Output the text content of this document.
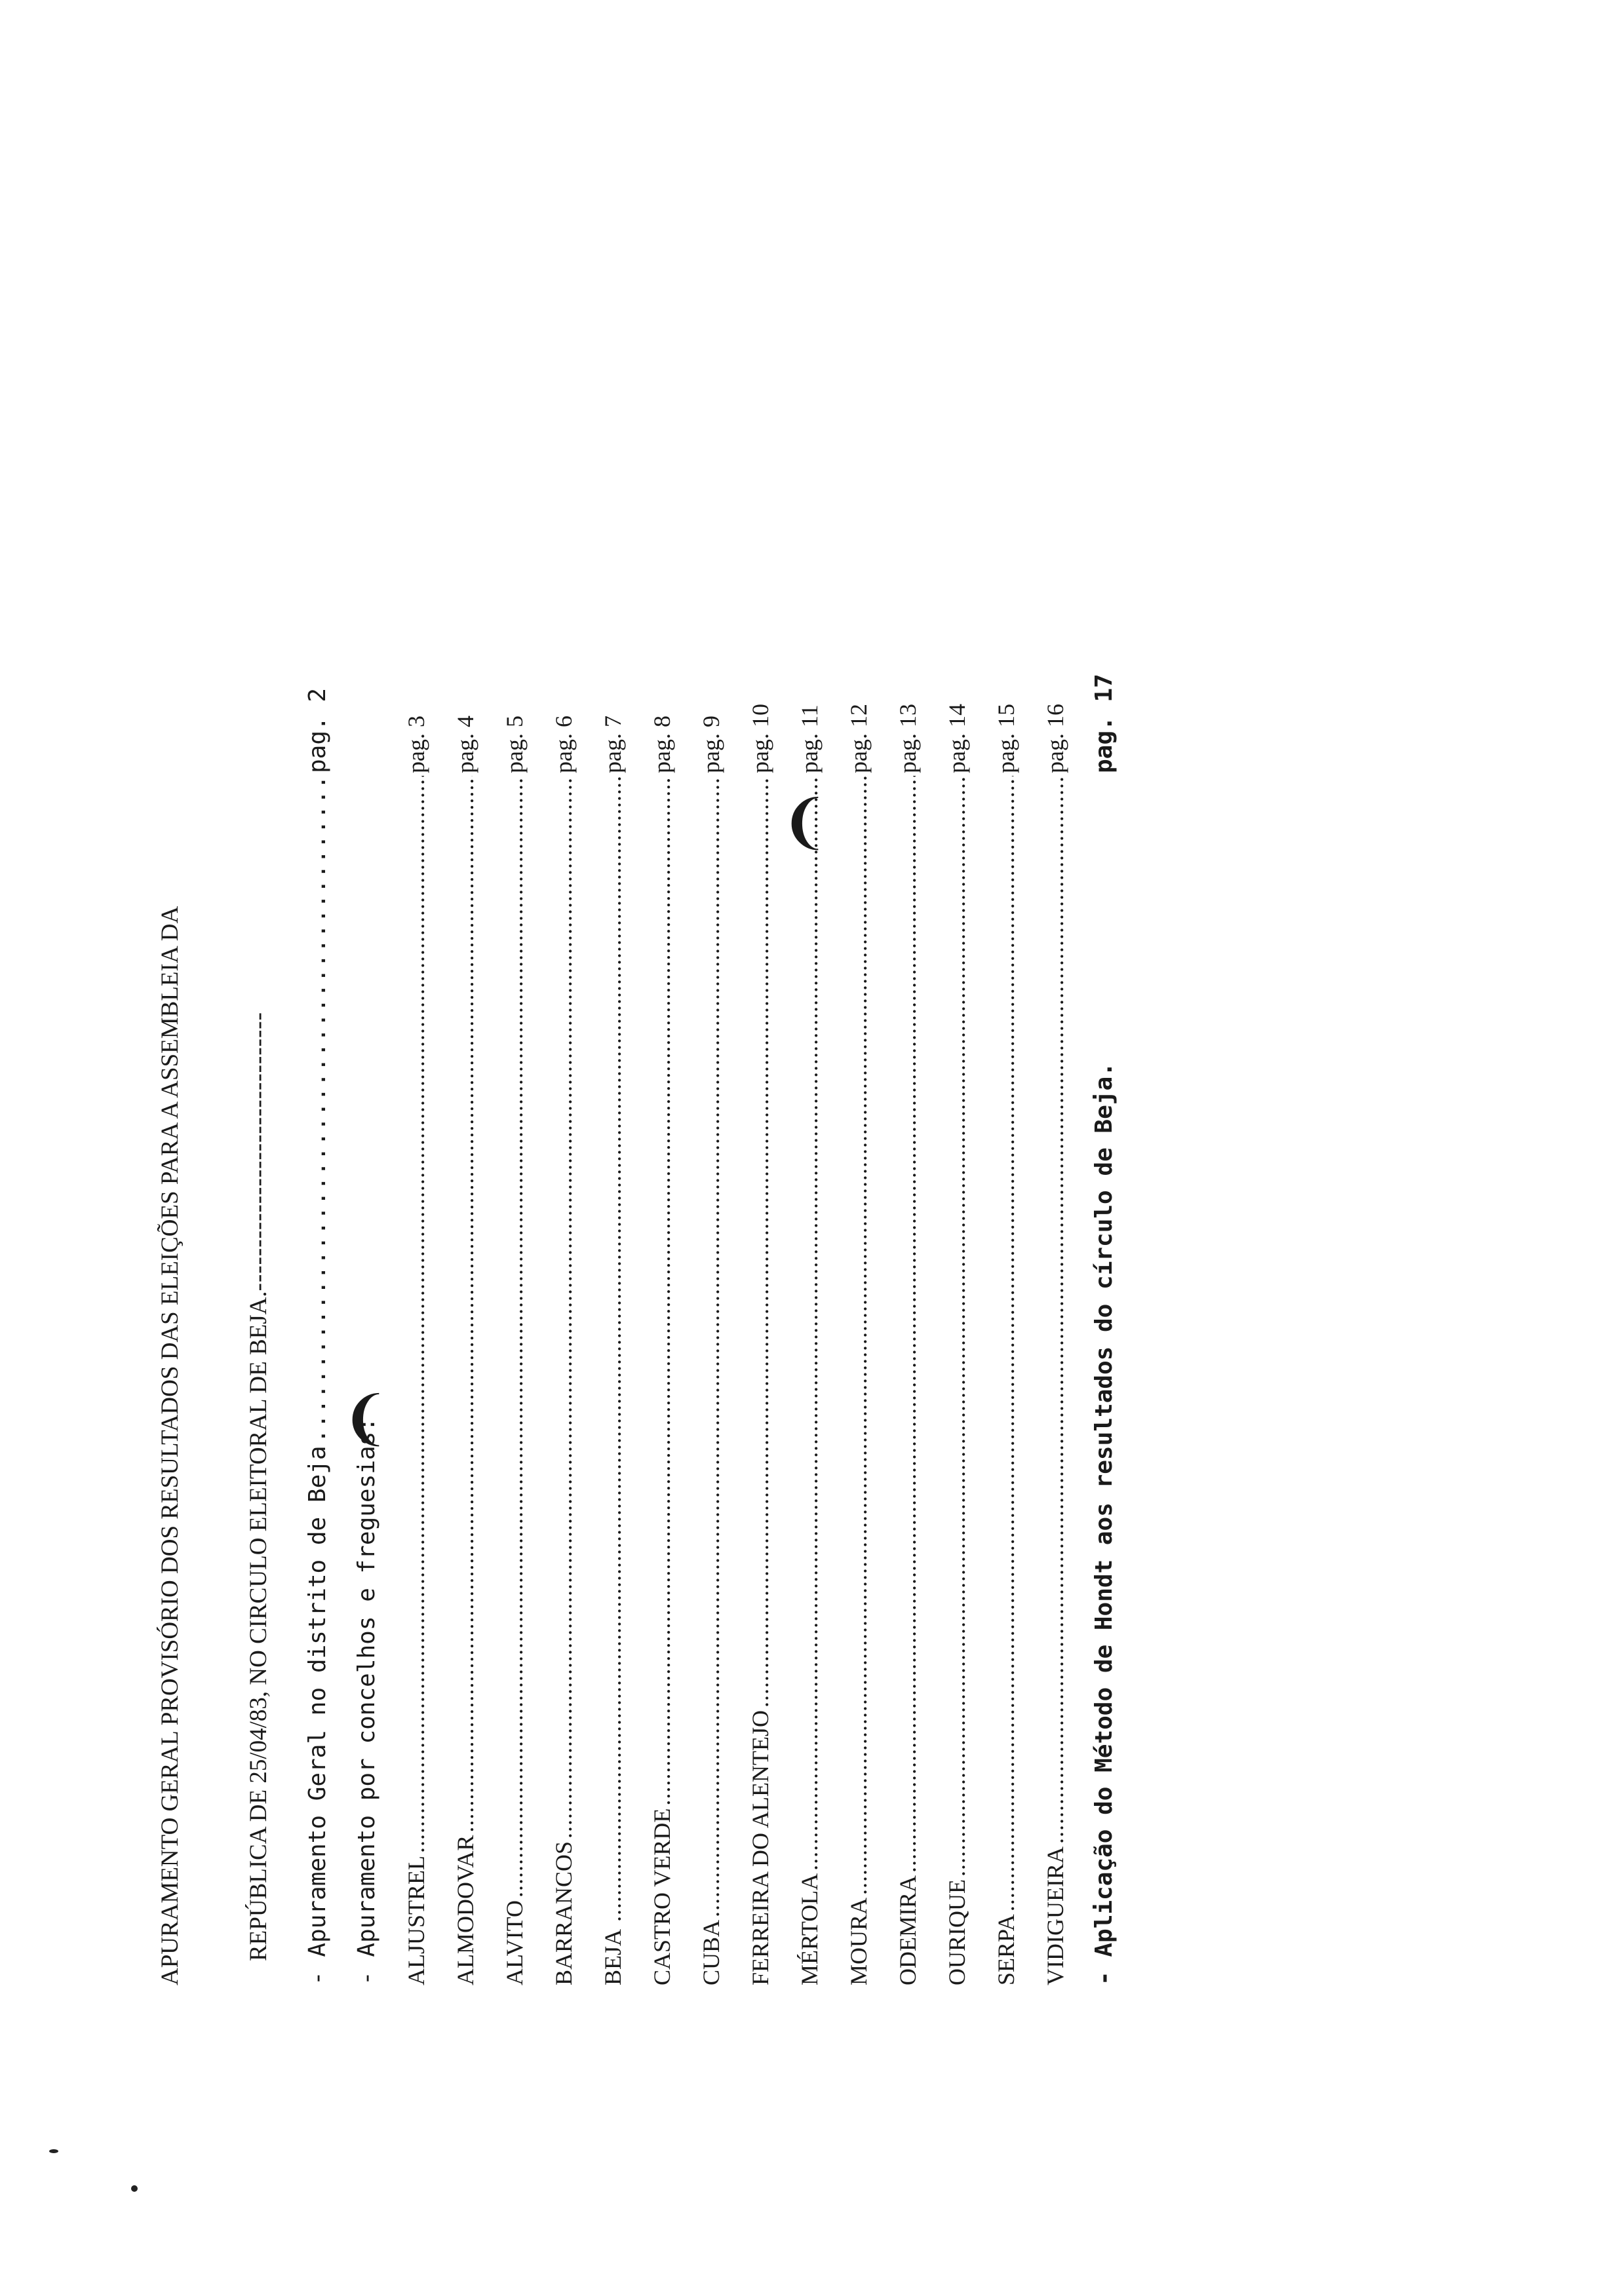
APURAMENTO GERAL PROVISÓRIO DOS RESULTADOS DAS ELEIÇÕES PARA A ASSEMBLEIA DA	REPÚBLICA DE 25/04/83, NO CIRCULO ELEITORAL DE BEJA.--------------------------------

- Apuramento Geral no distrito de Beja
.....
pag. 2
- Apuramento por concelhos e freguesias: ALJUSTREL
.....
pag. 3
ALMODOVAR
.....
pag. 4
ALVITO
.....
pag. 5
BARRANCOS
.....
pag. 6
BEJA
.....
pag. 7
CASTRO VERDE
.....
pag. 8
CUBA
.....
pag. 9
FERREIRA DO ALENTEJO
.....
pag. 10
MÉRTOLA
.....
pag. 11
MOURA
.....
pag. 12
ODEMIRA
.....
pag. 13
OURIQUE
.....
pag. 14
SERPA
.....
pag. 15
VIDIGUEIRA
.....
pag. 16
- Aplicação do Método de Hondt aos resultados do círculo de Beja.
pag. 17
❨
❨
